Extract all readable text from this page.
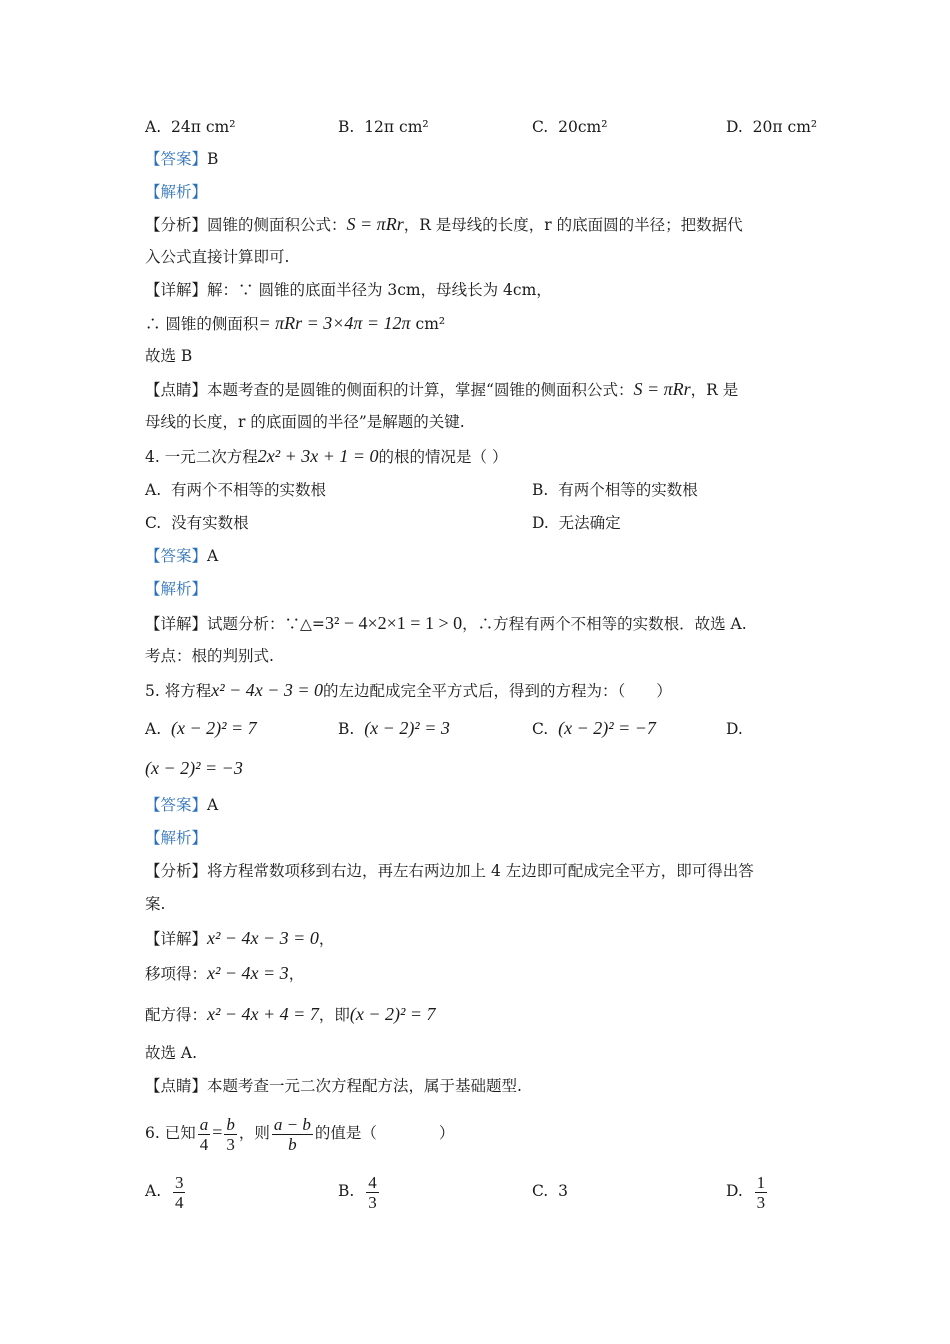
A. 24π cm²	B. 12π cm²	C. 20cm²	D. 20π cm²
【答案】B
【解析】
【分析】圆锥的侧面积公式：S = πRr，R 是母线的长度，r 的底面圆的半径；把数据代
入公式直接计算即可.
【详解】解：∵ 圆锥的底面半径为 3cm，母线长为 4cm，
∴ 圆锥的侧面积= πRr = 3×4π = 12π cm²
故选 B
【点睛】本题考查的是圆锥的侧面积的计算，掌握“圆锥的侧面积公式：S = πRr，R 是
母线的长度，r 的底面圆的半径”是解题的关键.
4. 一元二次方程2x² + 3x + 1 = 0的根的情况是（ ）
A. 有两个不相等的实数根	B. 有两个相等的实数根
C. 没有实数根	D. 无法确定
【答案】A
【解析】
【详解】试题分析：∵△=3² − 4×2×1 = 1 > 0，∴方程有两个不相等的实数根．故选 A.
考点：根的判别式.
5. 将方程x² − 4x − 3 = 0的左边配成完全平方式后，得到的方程为：（　　）
A. (x − 2)² = 7	B. (x − 2)² = 3	C. (x − 2)² = −7	D.
(x − 2)² = −3
【答案】A
【解析】
【分析】将方程常数项移到右边，再左右两边加上 4 左边即可配成完全平方，即可得出答
案.
【详解】x² − 4x − 3 = 0，
移项得：x² − 4x = 3，
配方得：x² − 4x + 4 = 7，即(x − 2)² = 7
故选 A.
【点睛】本题考查一元二次方程配方法，属于基础题型.
6. 已知 $\frac{a}{4} = \frac{b}{3}$ ，则 $\frac{a - b}{b}$ 的值是（　　　　）
A. $\frac{3}{4}$	B. $\frac{4}{3}$	C. 3	D. $\frac{1}{3}$
